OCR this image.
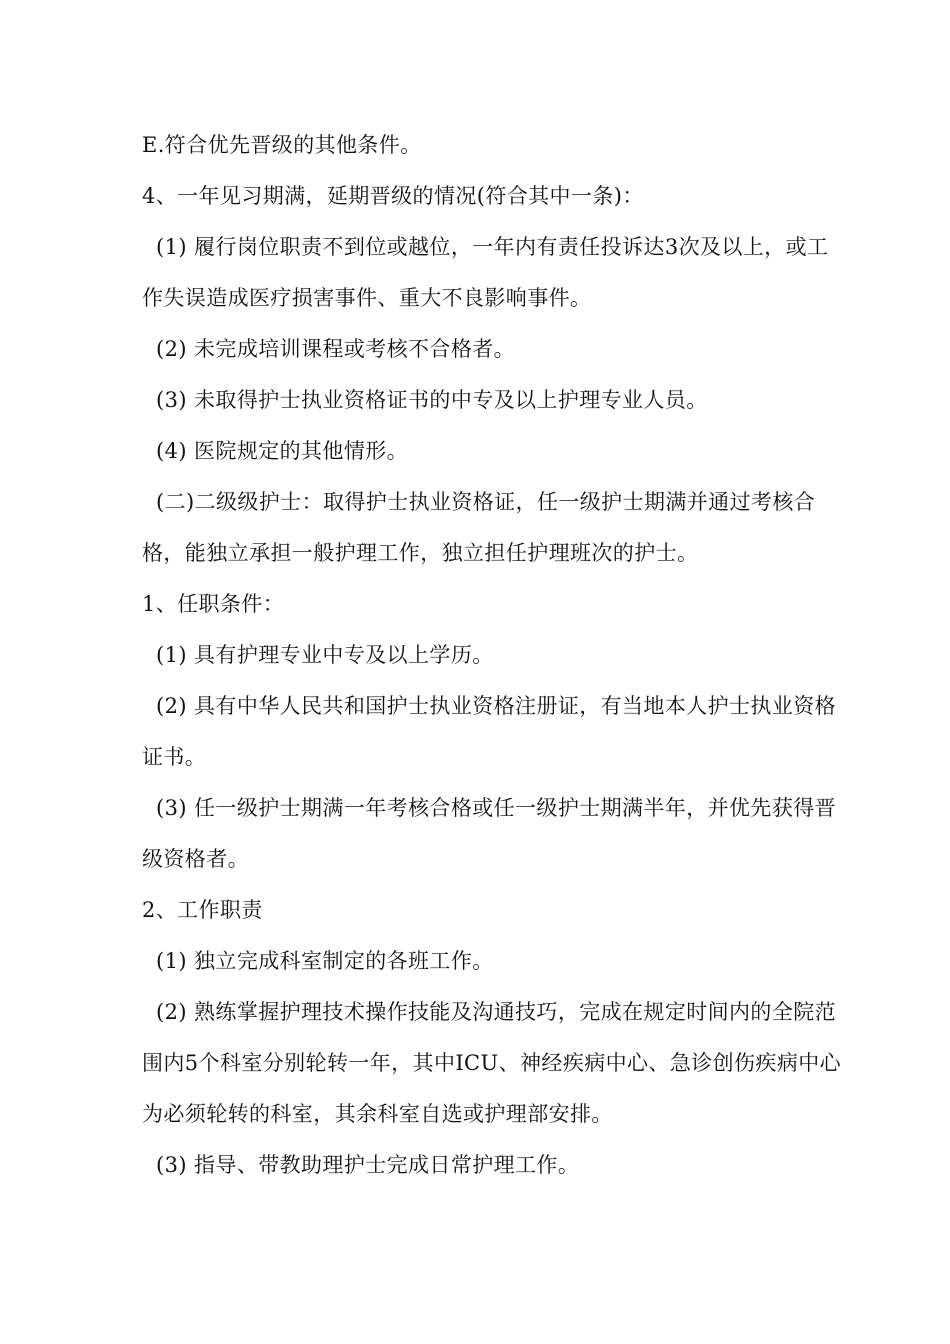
E.符合优先晋级的其他条件。

4、一年见习期满，延期晋级的情况(符合其中一条)：

(1) 履行岗位职责不到位或越位，一年内有责任投诉达3次及以上，或工作失误造成医疗损害事件、重大不良影响事件。

(2) 未完成培训课程或考核不合格者。

(3) 未取得护士执业资格证书的中专及以上护理专业人员。

(4) 医院规定的其他情形。

(二)二级级护士：取得护士执业资格证，任一级护士期满并通过考核合格，能独立承担一般护理工作，独立担任护理班次的护士。

1、任职条件：

(1) 具有护理专业中专及以上学历。

(2) 具有中华人民共和国护士执业资格注册证，有当地本人护士执业资格证书。

(3) 任一级护士期满一年考核合格或任一级护士期满半年，并优先获得晋级资格者。

2、工作职责

(1) 独立完成科室制定的各班工作。

(2) 熟练掌握护理技术操作技能及沟通技巧，完成在规定时间内的全院范围内5个科室分别轮转一年，其中ICU、神经疾病中心、急诊创伤疾病中心为必须轮转的科室，其余科室自选或护理部安排。

(3) 指导、带教助理护士完成日常护理工作。
